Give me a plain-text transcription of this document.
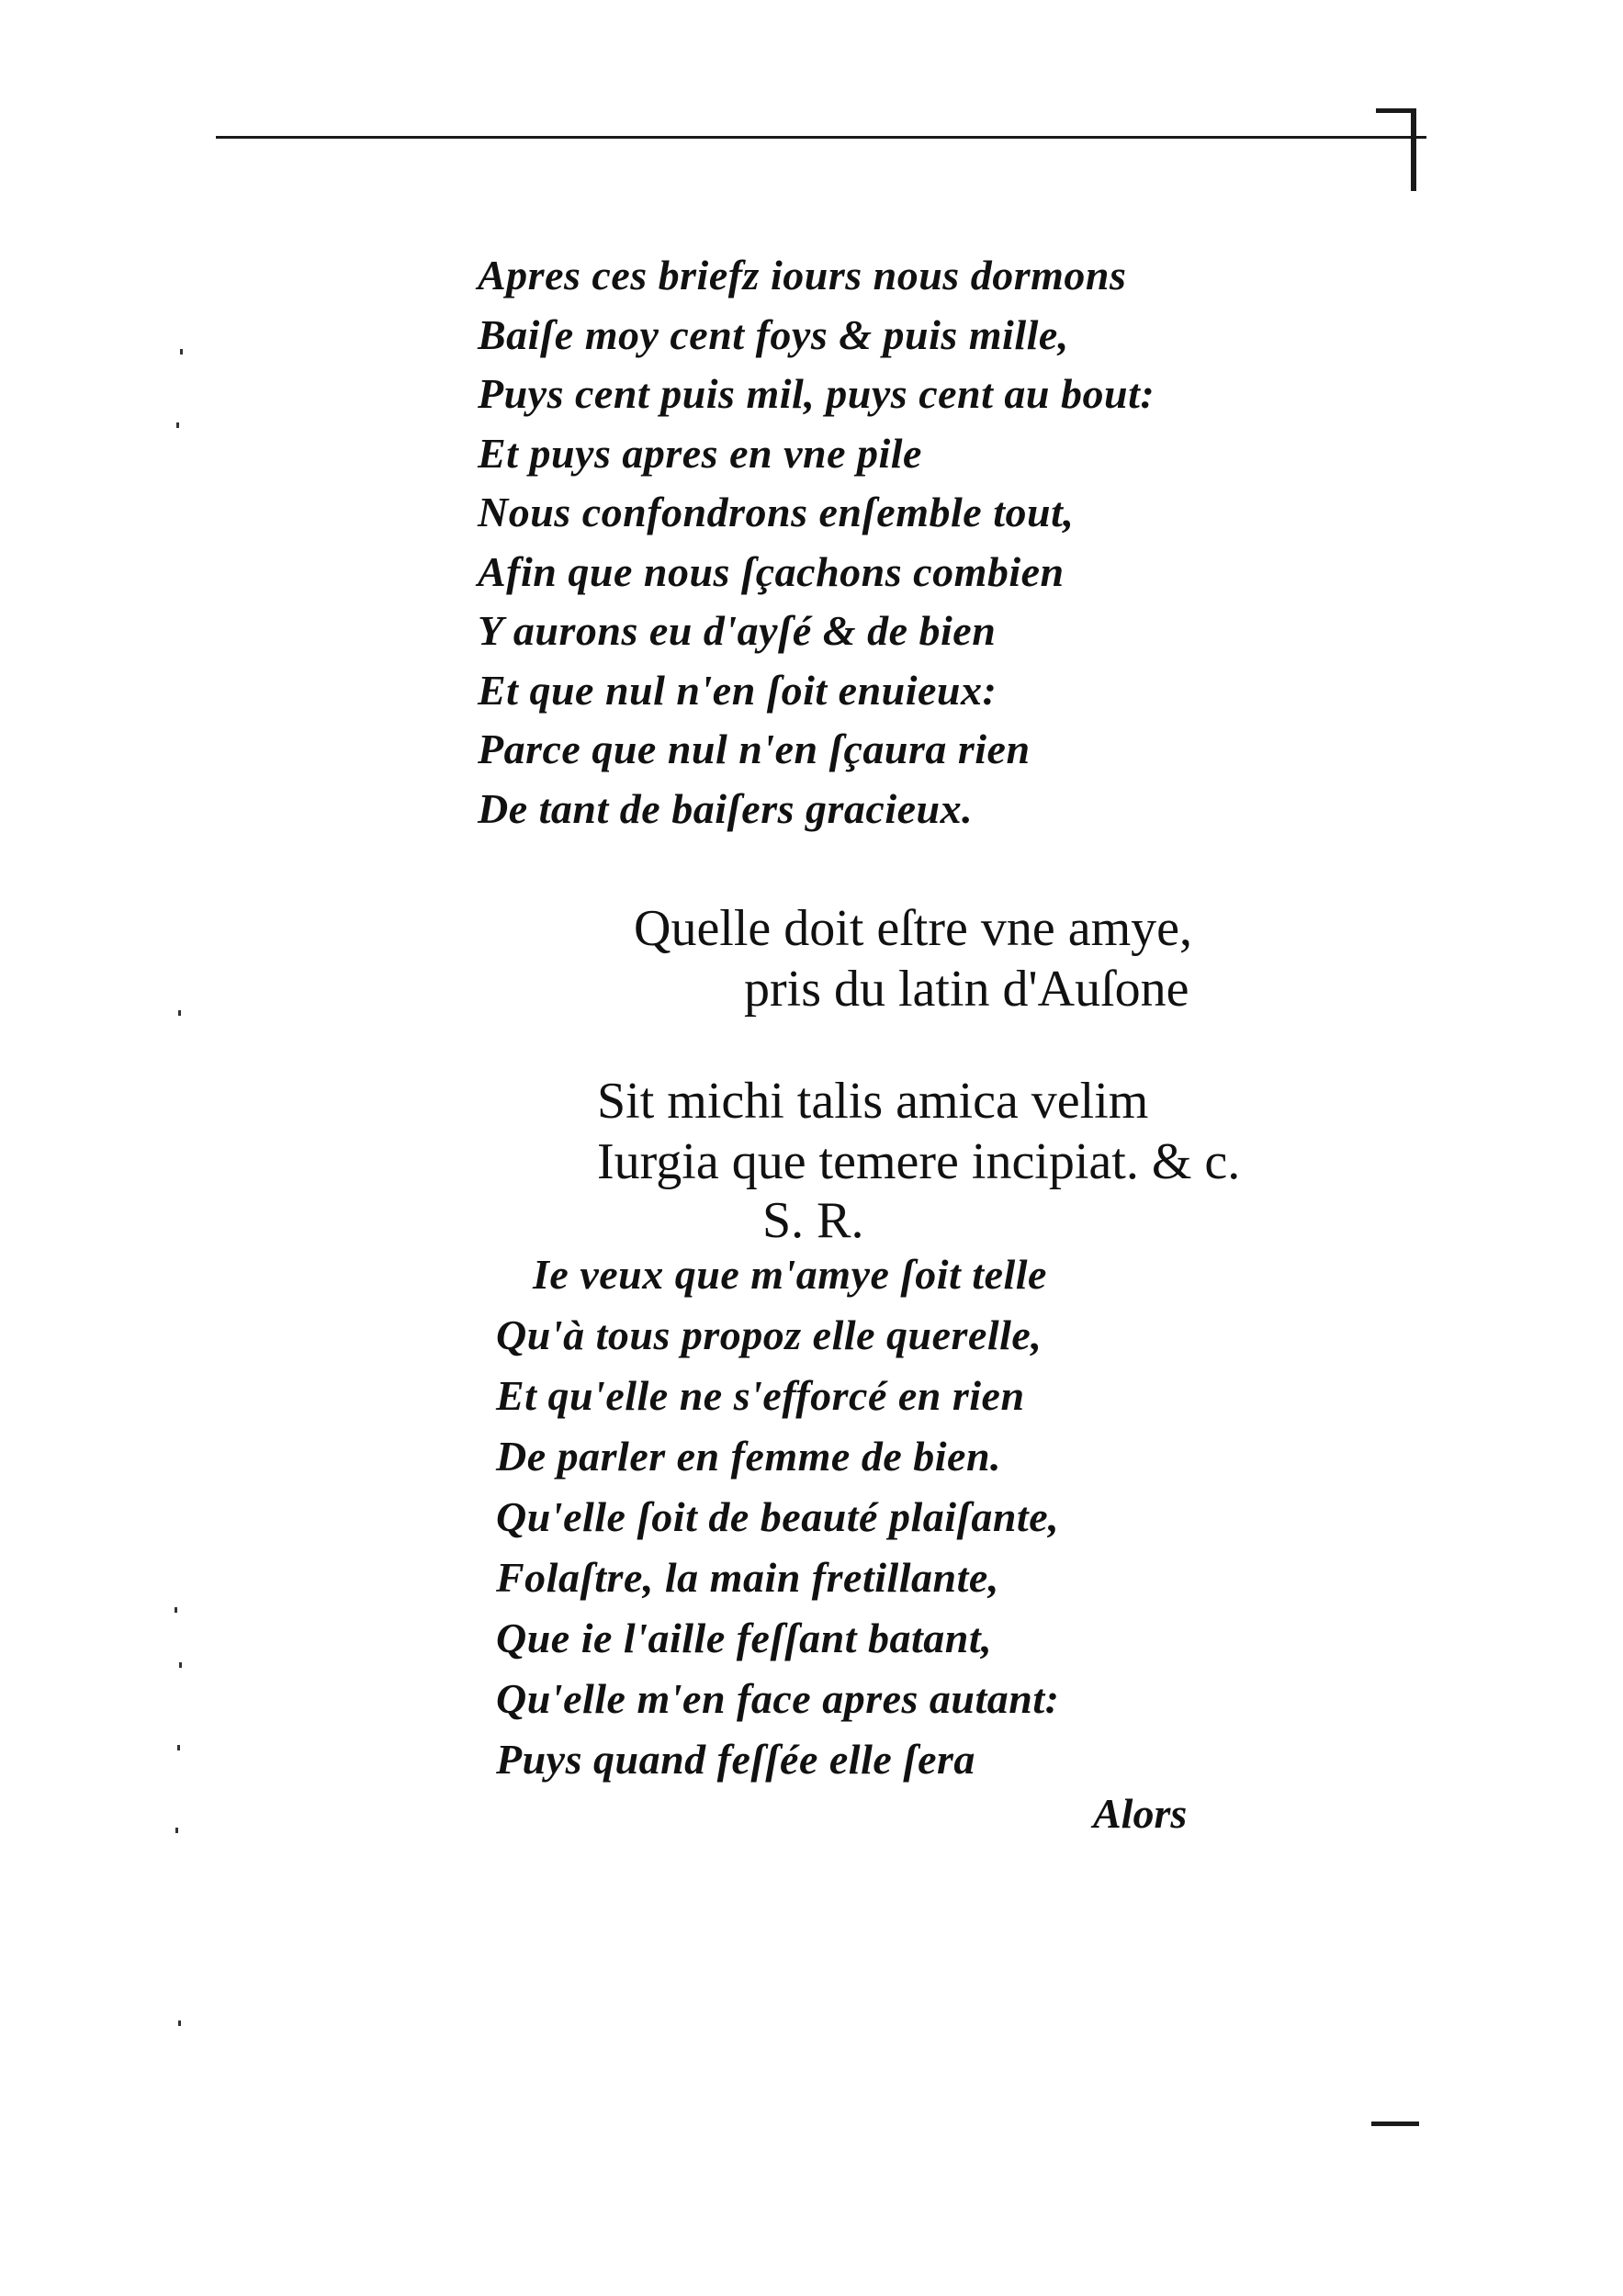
Apres ces briefz iours nous dormons
Baiſe moy cent foys & puis mille,
Puys cent puis mil, puys cent au bout:
Et puys apres en vne pile
Nous confondrons enſemble tout,
Afin que nous ſçachons combien
Y aurons eu d'ayſé & de bien
Et que nul n'en ſoit enuieux:
Parce que nul n'en ſçaura rien
De tant de baiſers gracieux.
Quelle doit eſtre vne amye,
pris du latin d'Auſone
Sit michi talis amica velim
Iurgia que temere incipiat. & c.
S. R.
Ie veux que m'amye ſoit telle
Qu'à tous propoz elle querelle,
Et qu'elle ne s'efforcé en rien
De parler en femme de bien.
Qu'elle ſoit de beauté plaiſante,
Folaſtre, la main fretillante,
Que ie l'aille feſſant batant,
Qu'elle m'en face apres autant:
Puys quand feſſée elle ſera
Alors
